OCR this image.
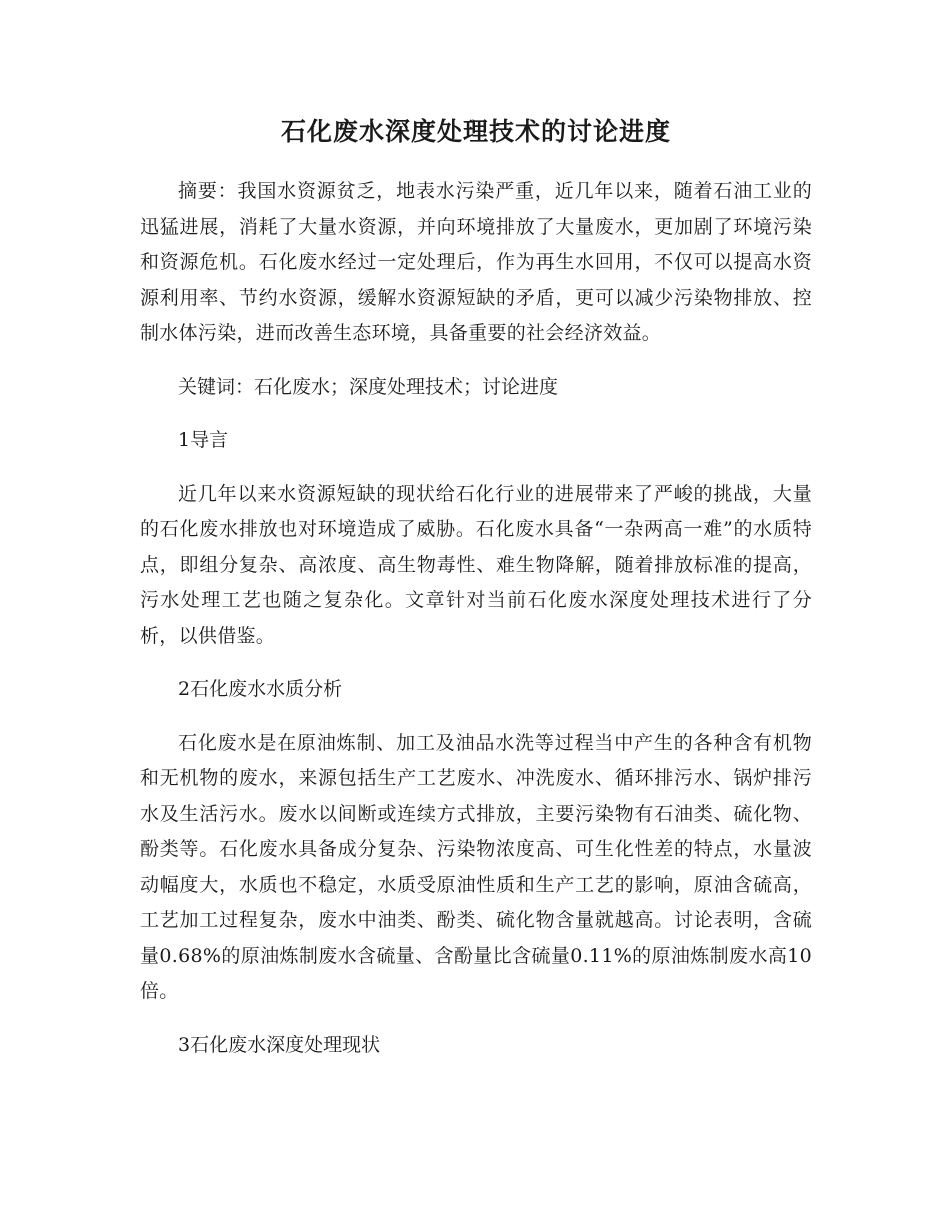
石化废水深度处理技术的讨论进度

摘要：我国水资源贫乏，地表水污染严重，近几年以来，随着石油工业的迅猛进展，消耗了大量水资源，并向环境排放了大量废水，更加剧了环境污染和资源危机。石化废水经过一定处理后，作为再生水回用，不仅可以提高水资源利用率、节约水资源，缓解水资源短缺的矛盾，更可以减少污染物排放、控制水体污染，进而改善生态环境，具备重要的社会经济效益。

关键词：石化废水；深度处理技术；讨论进度

1导言

近几年以来水资源短缺的现状给石化行业的进展带来了严峻的挑战，大量的石化废水排放也对环境造成了威胁。石化废水具备“一杂两高一难”的水质特点，即组分复杂、高浓度、高生物毒性、难生物降解，随着排放标准的提高，污水处理工艺也随之复杂化。文章针对当前石化废水深度处理技术进行了分析，以供借鉴。

2石化废水水质分析

石化废水是在原油炼制、加工及油品水洗等过程当中产生的各种含有机物和无机物的废水，来源包括生产工艺废水、冲洗废水、循环排污水、锅炉排污水及生活污水。废水以间断或连续方式排放，主要污染物有石油类、硫化物、酚类等。石化废水具备成分复杂、污染物浓度高、可生化性差的特点，水量波动幅度大，水质也不稳定，水质受原油性质和生产工艺的影响，原油含硫高，工艺加工过程复杂，废水中油类、酚类、硫化物含量就越高。讨论表明，含硫量0.68%的原油炼制废水含硫量、含酚量比含硫量0.11%的原油炼制废水高10倍。

3石化废水深度处理现状
